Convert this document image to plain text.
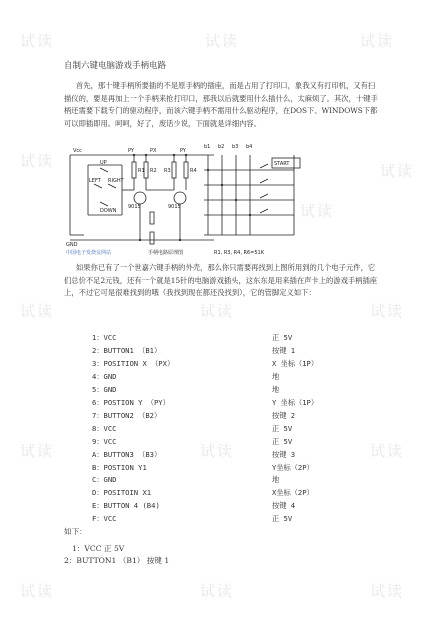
试读	试读	试读
试读
试读
试读
试读	试读	试读
试读	试读	试读
试读	试读	试读
自制六键电脑游戏手柄电路

首先，那十键手柄所要插的不是原手柄的插座，而是占用了打印口，象我又有打印机，又有扫描仪的，要是再加上一个手柄来抢打印口，那我以后就要用什么插什么，太麻烦了。其次，十键手柄还需要下载专门的驱动程序，而该六键手柄不需用什么驱动程序，在DOS下、WINDOWS下都可以即插即用。呵呵，好了，废话少说，下面就是详细内容。

Vcc	PY	PX	PY
b1 b2 b3 b4
R1 R2 R3	R4
UP
LEFT RIGHT
DOWN
9015	9015
START
GND
R1, R3, R4, R6=51K
中国电子发烧友网站	手柄电路原理图

如果你已有了一个世嘉六键手柄的外壳，那么你只需要再找到上图所用到的几个电子元件，它们总价不足2元钱，还有一个就是15针的电脑游戏插头，这东东是用来插在声卡上的游戏手柄插座上，不过它可是很难找到的哦（我找到现在都还没找到），它的管脚定义如下：

1：VCC	正 5V
2：BUTTON1 （B1）	按键 1
3：POSITION X （PX）	X 坐标（1P）
4：GND	地
5：GND	地
6：POSTION Y （PY）	Y 坐标（1P）
7：BUTTON2 （B2）	按键 2
8：VCC	正 5V
9：VCC	正 5V
A：BUTTON3 （B3）	按键 3
B：POSTION Y1	Y坐标（2P）
C：GND	地
D：POSITOIN X1	X坐标（2P）
E：BUTTON 4 (B4)	按键 4
F：VCC	正 5V
如下：
1：VCC 正 5V
2：BUTTON1 （B1） 按键 1
